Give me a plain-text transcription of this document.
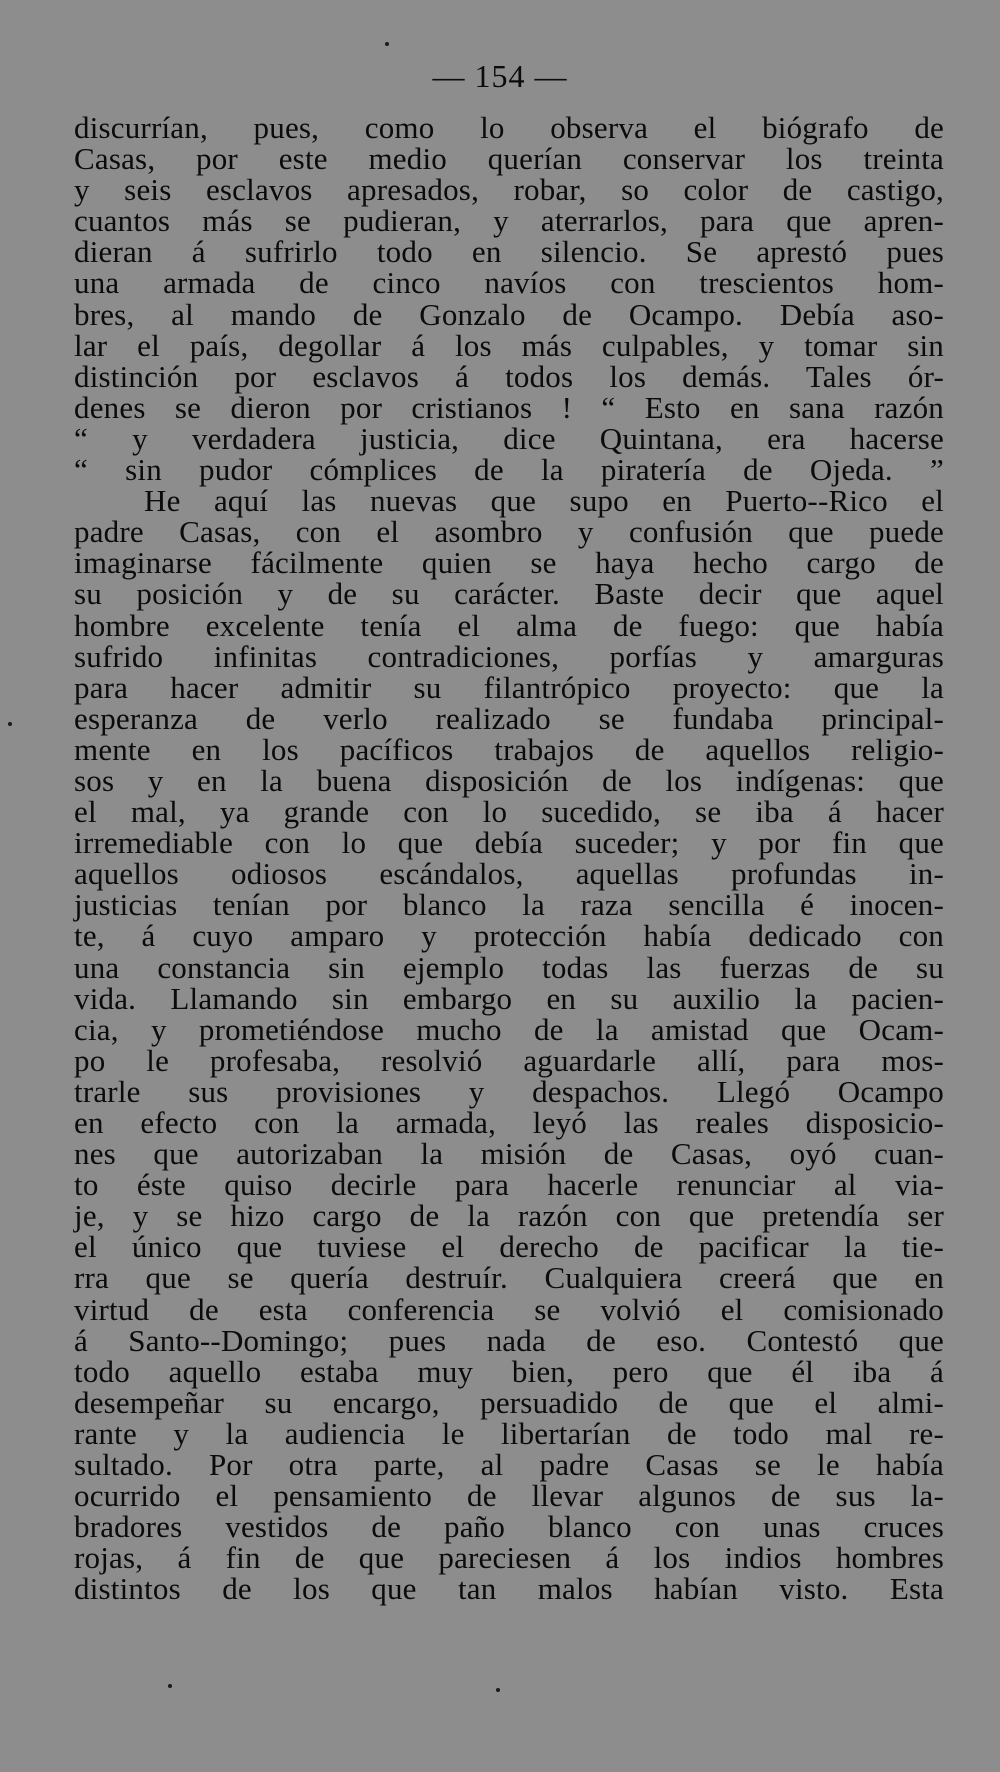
— 154 —
discurrían, pues, como lo observa el biógrafo de
Casas, por este medio querían conservar los treinta
y seis esclavos apresados, robar, so color de castigo,
cuantos más se pudieran, y aterrarlos, para que apren-
dieran á sufrirlo todo en silencio. Se aprestó pues
una armada de cinco navíos con trescientos hom-
bres, al mando de Gonzalo de Ocampo. Debía aso-
lar el país, degollar á los más culpables, y tomar sin
distinción por esclavos á todos los demás. Tales ór-
denes se dieron por cristianos ! “ Esto en sana razón
“ y verdadera justicia, dice Quintana, era hacerse
“ sin pudor cómplices de la piratería de Ojeda. ”
He aquí las nuevas que supo en Puerto--Rico el
padre Casas, con el asombro y confusión que puede
imaginarse fácilmente quien se haya hecho cargo de
su posición y de su carácter. Baste decir que aquel
hombre excelente tenía el alma de fuego: que había
sufrido infinitas contradiciones, porfías y amarguras
para hacer admitir su filantrópico proyecto: que la
esperanza de verlo realizado se fundaba principal-
mente en los pacíficos trabajos de aquellos religio-
sos y en la buena disposición de los indígenas: que
el mal, ya grande con lo sucedido, se iba á hacer
irremediable con lo que debía suceder; y por fin que
aquellos odiosos escándalos, aquellas profundas in-
justicias tenían por blanco la raza sencilla é inocen-
te, á cuyo amparo y protección había dedicado con
una constancia sin ejemplo todas las fuerzas de su
vida. Llamando sin embargo en su auxilio la pacien-
cia, y prometiéndose mucho de la amistad que Ocam-
po le profesaba, resolvió aguardarle allí, para mos-
trarle sus provisiones y despachos. Llegó Ocampo
en efecto con la armada, leyó las reales disposicio-
nes que autorizaban la misión de Casas, oyó cuan-
to éste quiso decirle para hacerle renunciar al via-
je, y se hizo cargo de la razón con que pretendía ser
el único que tuviese el derecho de pacificar la tie-
rra que se quería destruír. Cualquiera creerá que en
virtud de esta conferencia se volvió el comisionado
á Santo--Domingo; pues nada de eso. Contestó que
todo aquello estaba muy bien, pero que él iba á
desempeñar su encargo, persuadido de que el almi-
rante y la audiencia le libertarían de todo mal re-
sultado. Por otra parte, al padre Casas se le había
ocurrido el pensamiento de llevar algunos de sus la-
bradores vestidos de paño blanco con unas cruces
rojas, á fin de que pareciesen á los indios hombres
distintos de los que tan malos habían visto. Esta
